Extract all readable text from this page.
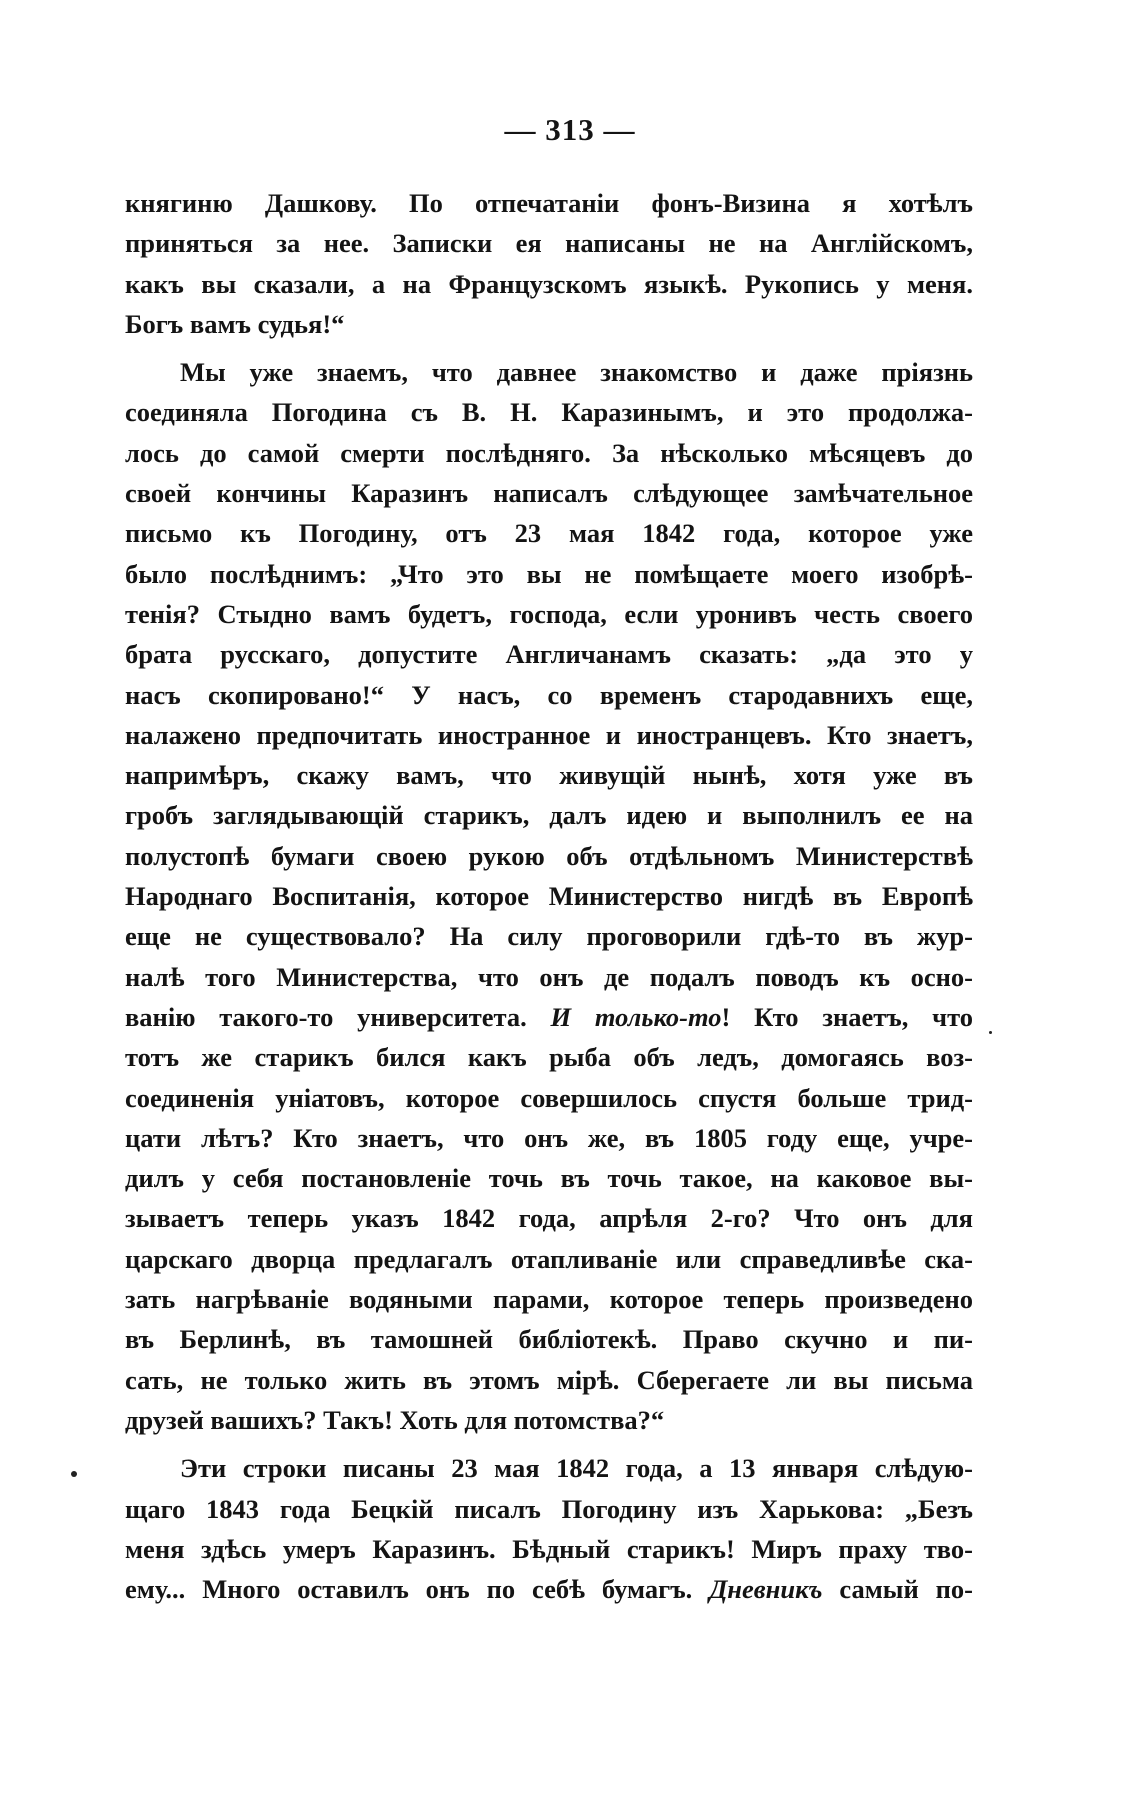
— 313 —
княгиню Дашкову. По отпечатаніи фонъ-Визина я хотѣлъ
приняться за нее. Записки ея написаны не на Англійскомъ,
какъ вы сказали, а на Французскомъ языкѣ. Рукопись у меня.
Богъ вамъ судья!“
Мы уже знаемъ, что давнее знакомство и даже пріязнь
соединяла Погодина съ В. Н. Каразинымъ, и это продолжа-
лось до самой смерти послѣдняго. За нѣсколько мѣсяцевъ до
своей кончины Каразинъ написалъ слѣдующее замѣчательное
письмо къ Погодину, отъ 23 мая 1842 года, которое уже
было послѣднимъ: „Что это вы не помѣщаете моего изобрѣ-
тенія? Стыдно вамъ будетъ, господа, если уронивъ честь своего
брата русскаго, допустите Англичанамъ сказать: „да это у
насъ скопировано!“ У насъ, со временъ стародавнихъ еще,
налажено предпочитать иностранное и иностранцевъ. Кто знаетъ,
напримѣръ, скажу вамъ, что живущій нынѣ, хотя уже въ
гробъ заглядывающій старикъ, далъ идею и выполнилъ ее на
полустопѣ бумаги своею рукою объ отдѣльномъ Министерствѣ
Народнаго Воспитанія, которое Министерство нигдѣ въ Европѣ
еще не существовало? На силу проговорили гдѣ-то въ жур-
налѣ того Министерства, что онъ де подалъ поводъ къ осно-
ванію такого-то университета. И только-то! Кто знаетъ, что
тотъ же старикъ бился какъ рыба объ ледъ, домогаясь воз-
соединенія уніатовъ, которое совершилось спустя больше трид-
цати лѣтъ? Кто знаетъ, что онъ же, въ 1805 году еще, учре-
дилъ у себя постановленіе точь въ точь такое, на каковое вы-
зываетъ теперь указъ 1842 года, апрѣля 2-го? Что онъ для
царскаго дворца предлагалъ отапливаніе или справедливѣе ска-
зать нагрѣваніе водяными парами, которое теперь произведено
въ Берлинѣ, въ тамошней библіотекѣ. Право скучно и пи-
сать, не только жить въ этомъ мірѣ. Сберегаете ли вы письма
друзей вашихъ? Такъ! Хоть для потомства?“
Эти строки писаны 23 мая 1842 года, а 13 января слѣдую-
щаго 1843 года Бецкій писалъ Погодину изъ Харькова: „Безъ
меня здѣсь умеръ Каразинъ. Бѣдный старикъ! Миръ праху тво-
ему... Много оставилъ онъ по себѣ бумагъ. Дневникъ самый по-
